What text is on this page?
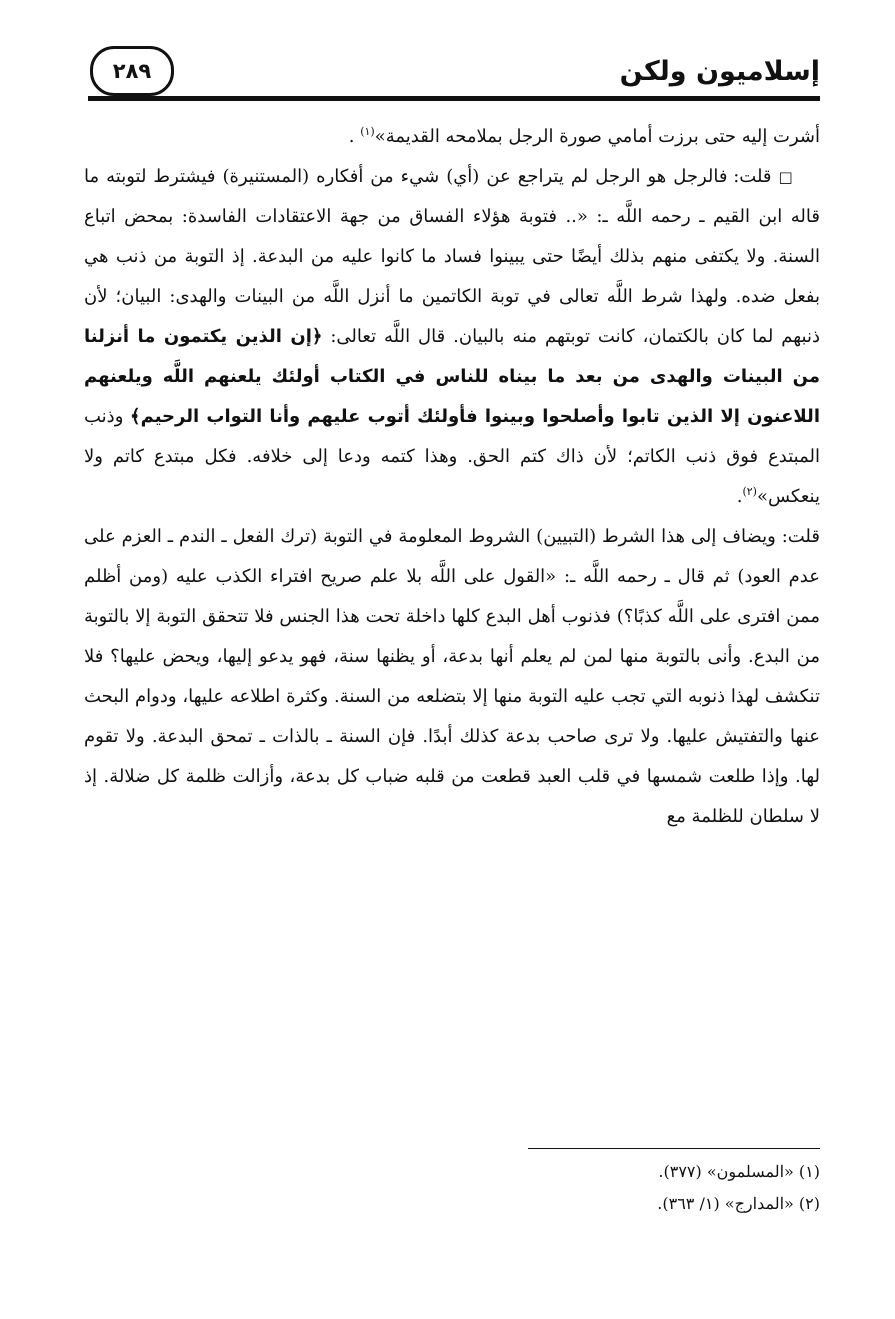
٢٨٩	إسلاميون ولكن

أشرت إليه حتى برزت أمامي صورة الرجل بملامحه القديمة»$^{(١)}$ .

□ قلت: فالرجل هو الرجل لم يتراجع عن (أي) شيء من أفكاره (المستنيرة) فيشترط لتوبته ما قاله ابن القيم ـ رحمه اللَّه ـ: «.. فتوبة هؤلاء الفساق من جهة الاعتقادات الفاسدة: بمحض اتباع السنة. ولا يكتفى منهم بذلك أيضًا حتى يبينوا فساد ما كانوا عليه من البدعة. إذ التوبة من ذنب هي بفعل ضده. ولهذا شرط اللَّه تعالى في توبة الكاتمين ما أنزل اللَّه من البينات والهدى: البيان؛ لأن ذنبهم لما كان بالكتمان، كانت توبتهم منه بالبيان. قال اللَّه تعالى: ﴿إن الذين يكتمون ما أنزلنا من البينات والهدى من بعد ما بيناه للناس في الكتاب أولئك يلعنهم اللَّه ويلعنهم اللاعنون إلا الذين تابوا وأصلحوا وبينوا فأولئك أتوب عليهم وأنا التواب الرحيم﴾ وذنب المبتدع فوق ذنب الكاتم؛ لأن ذاك كتم الحق. وهذا كتمه ودعا إلى خلافه. فكل مبتدع كاتم ولا ينعكس»$^{(٢)}$.

قلت: ويضاف إلى هذا الشرط (التبيين) الشروط المعلومة في التوبة (ترك الفعل ـ الندم ـ العزم على عدم العود) ثم قال ـ رحمه اللَّه ـ: «القول على اللَّه بلا علم صريح افتراء الكذب عليه (ومن أظلم ممن افترى على اللَّه كذبًا؟) فذنوب أهل البدع كلها داخلة تحت هذا الجنس فلا تتحقق التوبة إلا بالتوبة من البدع. وأنى بالتوبة منها لمن لم يعلم أنها بدعة، أو يظنها سنة، فهو يدعو إليها، ويحض عليها؟ فلا تنكشف لهذا ذنوبه التي تجب عليه التوبة منها إلا بتضلعه من السنة. وكثرة اطلاعه عليها، ودوام البحث عنها والتفتيش عليها. ولا ترى صاحب بدعة كذلك أبدًا. فإن السنة ـ بالذات ـ تمحق البدعة. ولا تقوم لها. وإذا طلعت شمسها في قلب العبد قطعت من قلبه ضباب كل بدعة، وأزالت ظلمة كل ضلالة. إذ لا سلطان للظلمة مع

(١) «المسلمون» (٣٧٧).
(٢) «المدارج» (١/ ٣٦٣).
